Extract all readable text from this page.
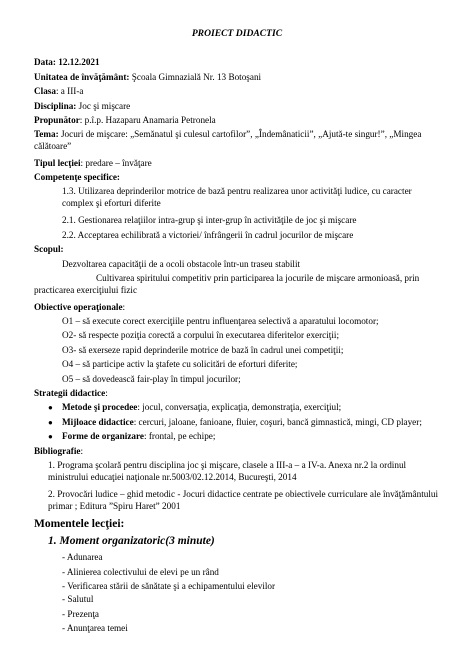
PROIECT DIDACTIC
Data: 12.12.2021
Unitatea de învăţământ: Şcoala Gimnazială Nr. 13 Botoşani
Clasa: a III-a
Disciplina: Joc şi mişcare
Propunător: p.î.p. Hazaparu Anamaria Petronela
Tema: Jocuri de mişcare: „Semănatul şi culesul cartofilor”, „Îndemânaticii”, „Ajută-te singur!”, „Mingea călătoare”
Tipul lecţiei: predare – învăţare
Competenţe specifice:
1.3. Utilizarea deprinderilor motrice de bază pentru realizarea unor activităţi ludice, cu caracter complex şi eforturi diferite
2.1. Gestionarea relaţiilor intra-grup şi inter-grup în activităţile de joc şi mişcare
2.2. Acceptarea echilibrată a victoriei/ înfrângerii în cadrul jocurilor de mişcare
Scopul:
Dezvoltarea capacităţii de a ocoli obstacole într-un traseu stabilit
Cultivarea spiritului competitiv prin participarea la jocurile de mişcare armonioasă, prin practicarea exerciţiului fizic
Obiective operaţionale:
O1 – să execute corect exerciţiile pentru influenţarea selectivă a aparatului locomotor;
O2- să respecte poziţia corectă a corpului în executarea diferitelor exerciţii;
O3- să exerseze rapid deprinderile motrice de bază în cadrul unei competiţii;
O4 – să participe activ la ştafete cu solicitări de eforturi diferite;
O5 – să dovedească fair-play în timpul jocurilor;
Strategii didactice:
● Metode şi procedee: jocul, conversaţia, explicaţia, demonstraţia, exerciţiul;
● Mijloace didactice: cercuri, jaloane, fanioane, fluier, coşuri, bancă gimnastică, mingi, CD player;
● Forme de organizare: frontal, pe echipe;
Bibliografie:
1. Programa şcolară pentru disciplina joc şi mişcare, clasele a III-a – a IV-a. Anexa nr.2 la ordinul ministrului educaţiei naţionale nr.5003/02.12.2014, Bucureşti, 2014
2. Provocări ludice – ghid metodic - Jocuri didactice centrate pe obiectivele curriculare ale învăţământului primar ; Editura ”Spiru Haret” 2001
Momentele lecţiei:
1. Moment organizatoric(3 minute)
- Adunarea
- Alinierea colectivului de elevi pe un rând
- Verificarea stării de sănătate şi a echipamentului elevilor
- Salutul
- Prezenţa
- Anunţarea temei
